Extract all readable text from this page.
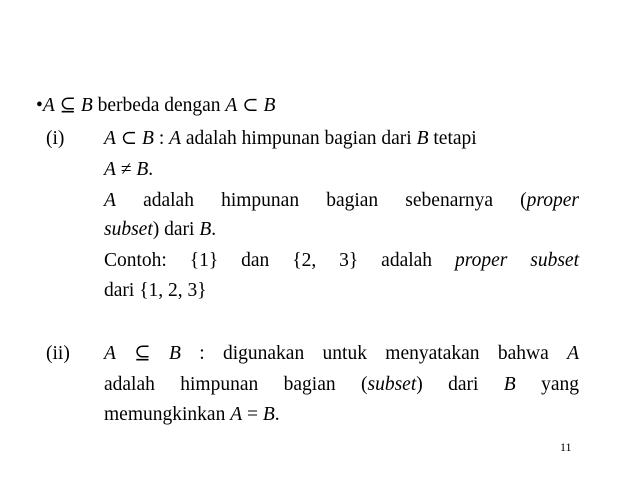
•A ⊆ B berbeda dengan A ⊂ B
(i) A ⊂ B : A adalah himpunan bagian dari B tetapi
A ≠ B.
A adalah himpunan bagian sebenarnya (proper
subset) dari B.
Contoh: {1} dan {2, 3} adalah proper subset
dari {1, 2, 3}
(ii) A ⊆ B : digunakan untuk menyatakan bahwa A
adalah himpunan bagian (subset) dari B yang
memungkinkan A = B.
11
